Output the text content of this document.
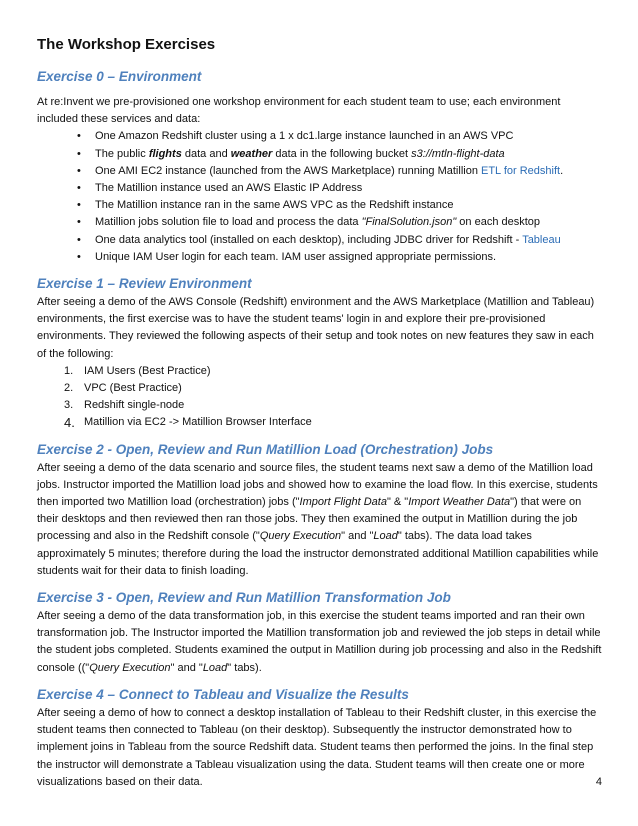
The Workshop Exercises
Exercise 0 – Environment

At re:Invent we pre-provisioned one workshop environment for each student team to use; each environment included these services and data:

• One Amazon Redshift cluster using a 1 x dc1.large instance launched in an AWS VPC
• The public flights data and weather data in the following bucket s3://mtln-flight-data
• One AMI EC2 instance (launched from the AWS Marketplace) running Matillion ETL for Redshift.
• The Matillion instance used an AWS Elastic IP Address
• The Matillion instance ran in the same AWS VPC as the Redshift instance
• Matillion jobs solution file to load and process the data "FinalSolution.json" on each desktop
• One data analytics tool (installed on each desktop), including JDBC driver for Redshift - Tableau
• Unique IAM User login for each team. IAM user assigned appropriate permissions.
Exercise 1 – Review Environment

After seeing a demo of the AWS Console (Redshift) environment and the AWS Marketplace (Matillion and Tableau) environments, the first exercise was to have the student teams' login in and explore their pre-provisioned environments. They reviewed the following aspects of their setup and took notes on new features they saw in each of the following:

1. IAM Users (Best Practice)
2. VPC (Best Practice)
3. Redshift single-node
4. Matillion via EC2 -> Matillion Browser Interface
Exercise 2 - Open, Review and Run Matillion Load (Orchestration) Jobs

After seeing a demo of the data scenario and source files, the student teams next saw a demo of the Matillion load jobs. Instructor imported the Matillion load jobs and showed how to examine the load flow. In this exercise, students then imported two Matillion load (orchestration) jobs ("Import Flight Data" & "Import Weather Data") that were on their desktops and then reviewed then ran those jobs. They then examined the output in Matillion during the job processing and also in the Redshift console ("Query Execution" and "Load" tabs). The data load takes approximately 5 minutes; therefore during the load the instructor demonstrated additional Matillion capabilities while students wait for their data to finish loading.

Exercise 3 - Open, Review and Run Matillion Transformation Job

After seeing a demo of the data transformation job, in this exercise the student teams imported and ran their own transformation job. The Instructor imported the Matillion transformation job and reviewed the job steps in detail while the student jobs completed. Students examined the output in Matillion during job processing and also in the Redshift console (("Query Execution" and "Load" tabs).

Exercise 4 – Connect to Tableau and Visualize the Results

After seeing a demo of how to connect a desktop installation of Tableau to their Redshift cluster, in this exercise the student teams then connected to Tableau (on their desktop). Subsequently the instructor demonstrated how to implement joins in Tableau from the source Redshift data. Student teams then performed the joins. In the final step the instructor will demonstrate a Tableau visualization using the data. Student teams will then create one or more visualizations based on their data.	4
